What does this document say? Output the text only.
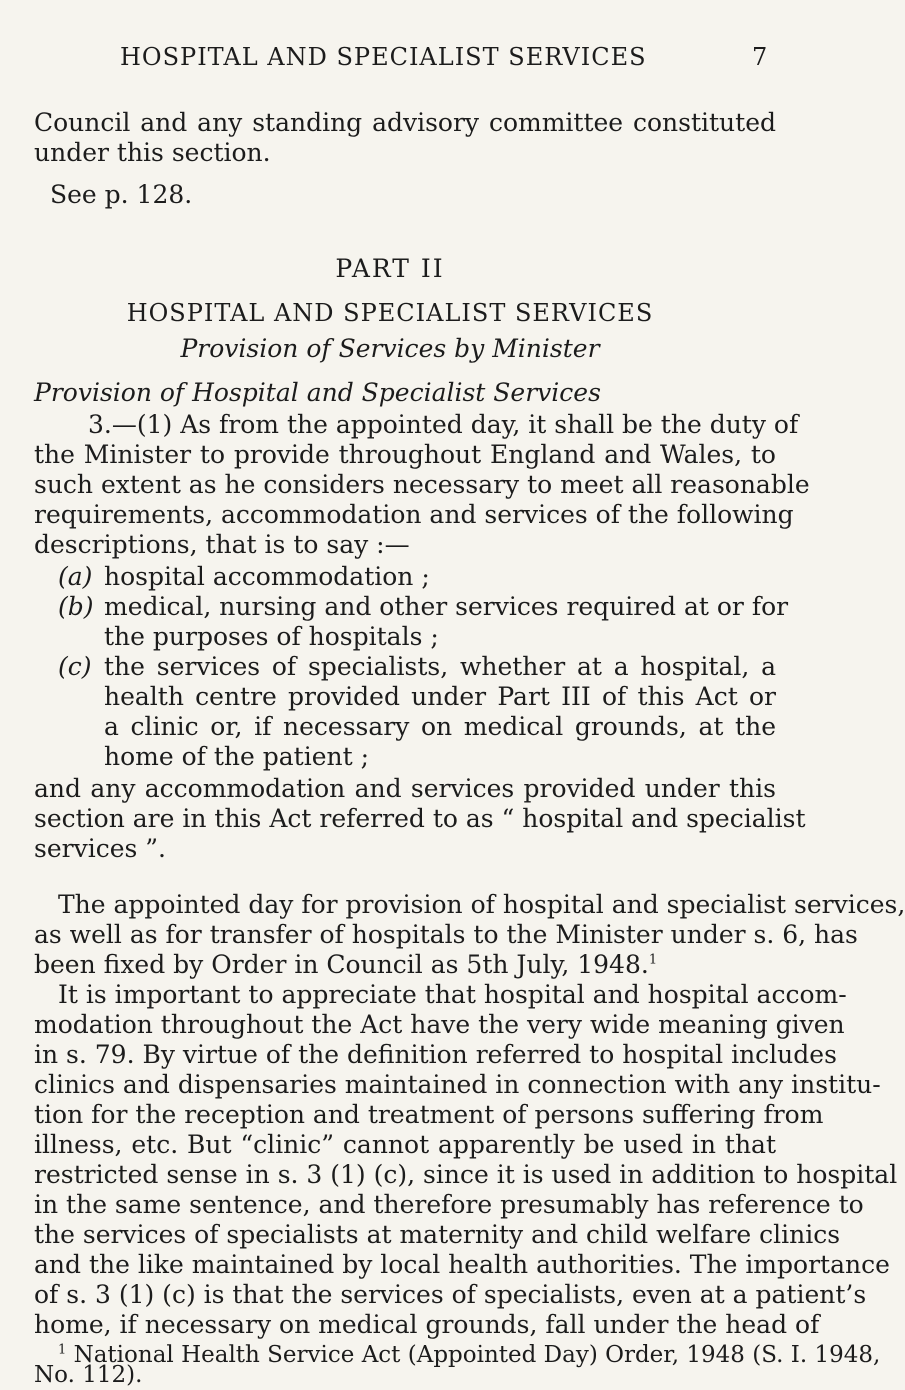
HOSPITAL AND SPECIALIST SERVICES	7

Council and any standing advisory committee constituted

under this section.

See p. 128.

PART II

HOSPITAL AND SPECIALIST SERVICES

Provision of Services by Minister

Provision of Hospital and Specialist Services

3.—(1) As from the appointed day, it shall be the duty of

the Minister to provide throughout England and Wales, to

such extent as he considers necessary to meet all reasonable

requirements, accommodation and services of the following

descriptions, that is to say :—

(a) hospital accommodation ;

(b) medical, nursing and other services required at or for

the purposes of hospitals ;

(c) the services of specialists, whether at a hospital, a

health centre provided under Part III of this Act or

a clinic or, if necessary on medical grounds, at the

home of the patient ;

and any accommodation and services provided under this

section are in this Act referred to as “ hospital and specialist

services ”.

The appointed day for provision of hospital and specialist services,

as well as for transfer of hospitals to the Minister under s. 6, has

been fixed by Order in Council as 5th July, 1948.$^1$

It is important to appreciate that hospital and hospital accom-

modation throughout the Act have the very wide meaning given

in s. 79. By virtue of the definition referred to hospital includes

clinics and dispensaries maintained in connection with any institu-

tion for the reception and treatment of persons suffering from

illness, etc. But “clinic” cannot apparently be used in that

restricted sense in s. 3 (1) (c), since it is used in addition to hospital

in the same sentence, and therefore presumably has reference to

the services of specialists at maternity and child welfare clinics

and the like maintained by local health authorities. The importance

of s. 3 (1) (c) is that the services of specialists, even at a patient’s

home, if necessary on medical grounds, fall under the head of

$^1$ National Health Service Act (Appointed Day) Order, 1948 (S. I. 1948,

No. 112).
